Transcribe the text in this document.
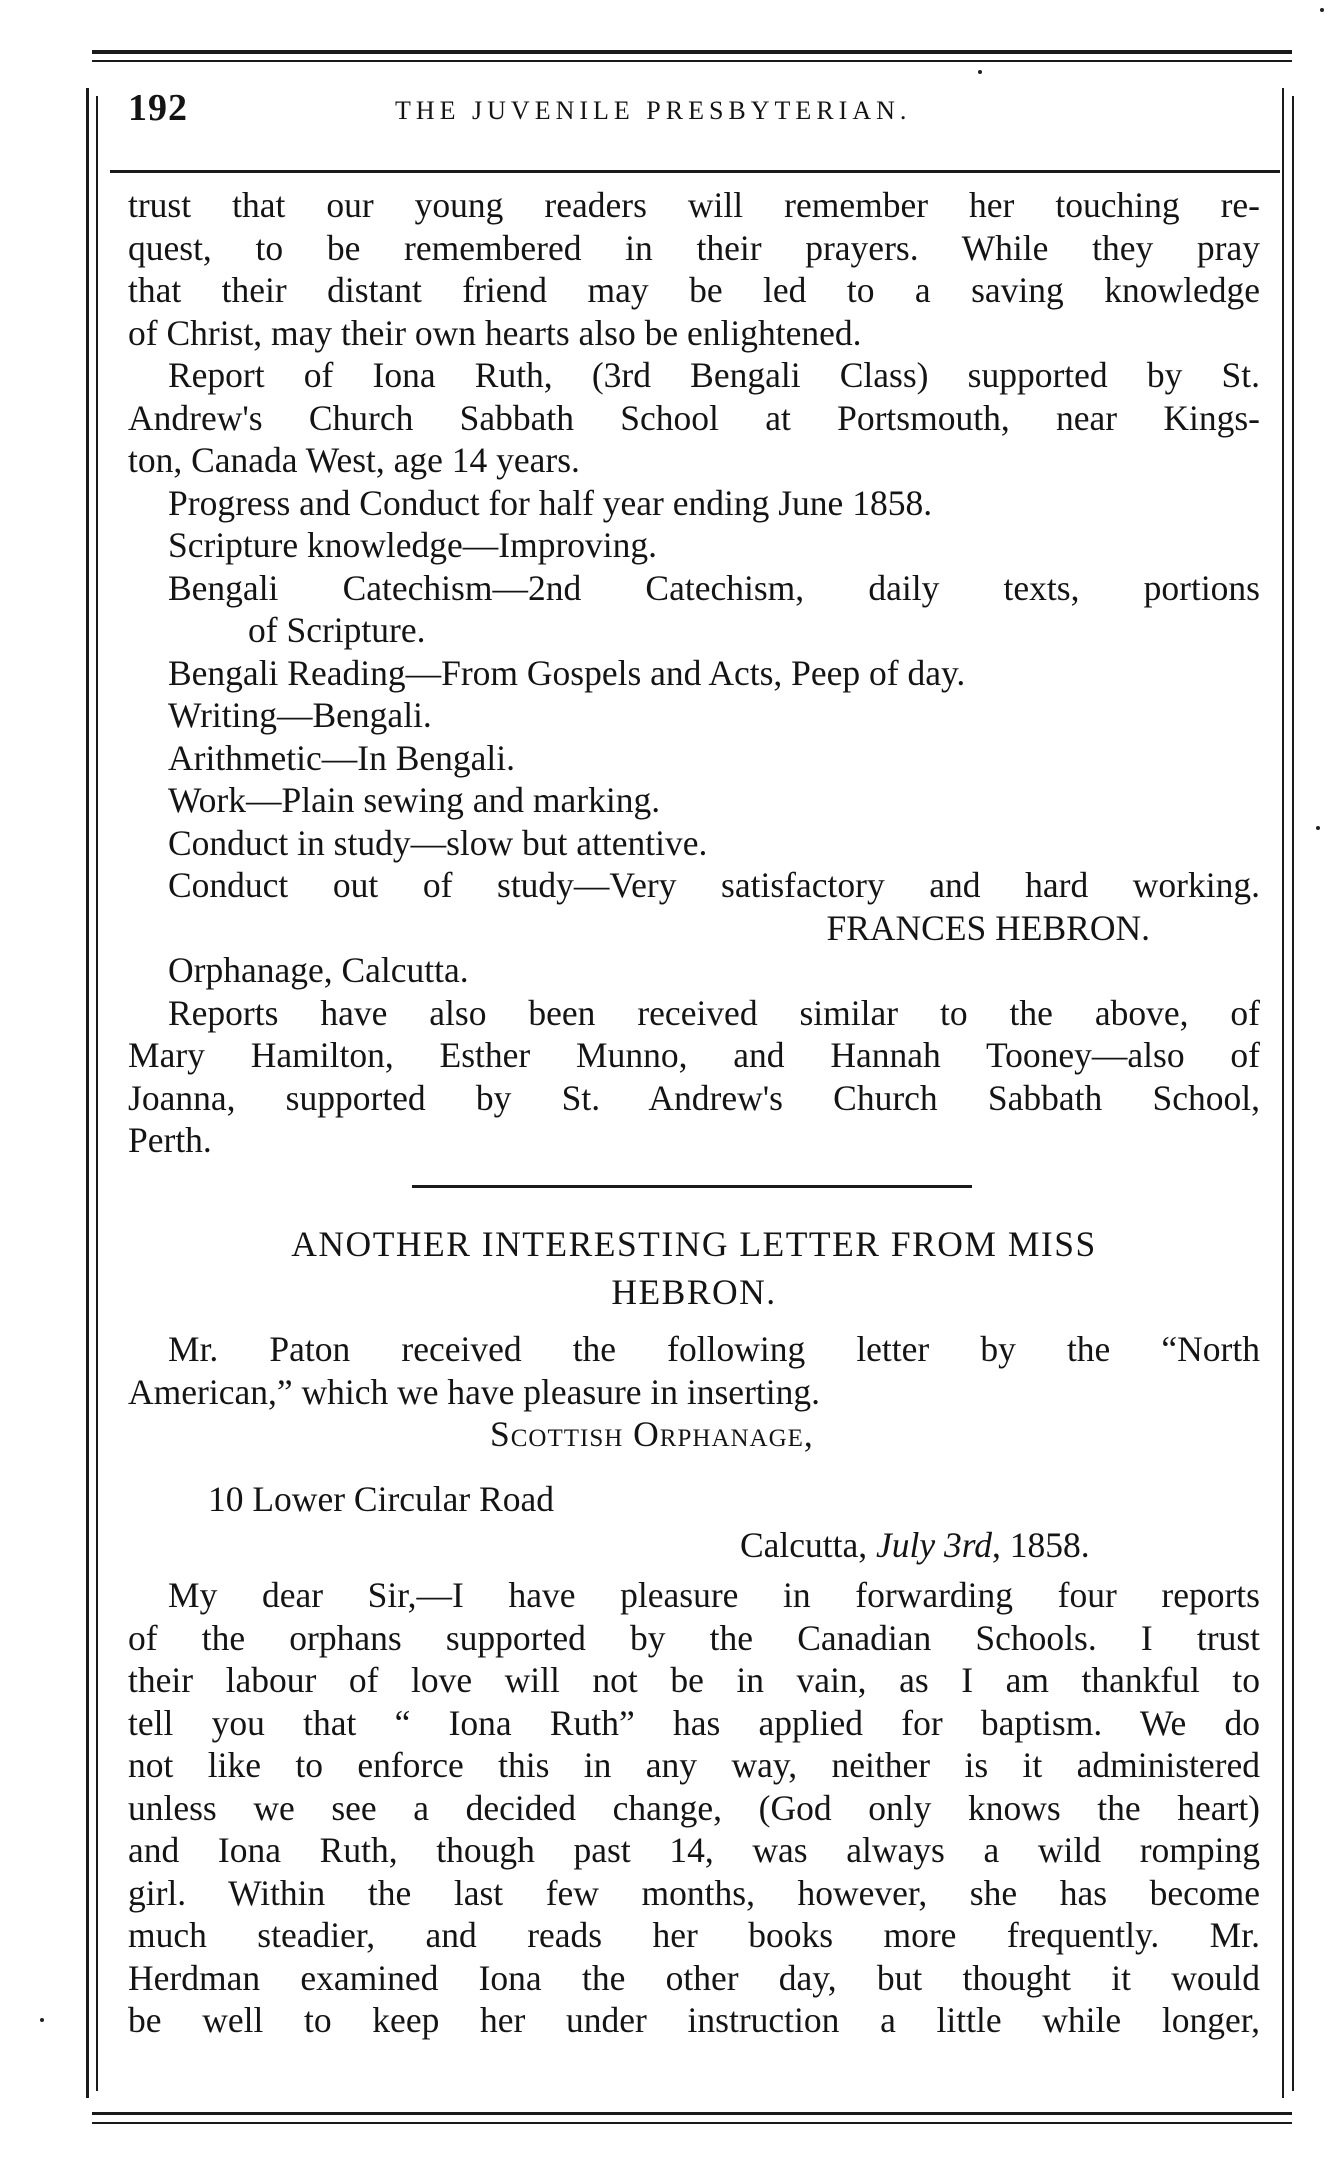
192	THE JUVENILE PRESBYTERIAN.

trust that our young readers will remember her touching re-

quest, to be remembered in their prayers. While they pray

that their distant friend may be led to a saving knowledge

of Christ, may their own hearts also be enlightened.

Report of Iona Ruth, (3rd Bengali Class) supported by St.

Andrew's Church Sabbath School at Portsmouth, near Kings-

ton, Canada West, age 14 years.

Progress and Conduct for half year ending June 1858.

Scripture knowledge—Improving.

Bengali Catechism—2nd Catechism, daily texts, portions

of Scripture.

Bengali Reading—From Gospels and Acts, Peep of day.

Writing—Bengali.

Arithmetic—In Bengali.

Work—Plain sewing and marking.

Conduct in study—slow but attentive.

Conduct out of study—Very satisfactory and hard working.

FRANCES HEBRON.

Orphanage, Calcutta.

Reports have also been received similar to the above, of

Mary Hamilton, Esther Munno, and Hannah Tooney—also of

Joanna, supported by St. Andrew's Church Sabbath School,

Perth.

ANOTHER INTERESTING LETTER FROM MISS
HEBRON.

Mr. Paton received the following letter by the “North

American,” which we have pleasure in inserting.

Scottish Orphanage,
10 Lower Circular Road
Calcutta, July 3rd, 1858.

My dear Sir,—I have pleasure in forwarding four reports

of the orphans supported by the Canadian Schools. I trust

their labour of love will not be in vain, as I am thankful to

tell you that “ Iona Ruth” has applied for baptism. We do

not like to enforce this in any way, neither is it administered

unless we see a decided change, (God only knows the heart)

and Iona Ruth, though past 14, was always a wild romping

girl. Within the last few months, however, she has become

much steadier, and reads her books more frequently. Mr.

Herdman examined Iona the other day, but thought it would

be well to keep her under instruction a little while longer,
